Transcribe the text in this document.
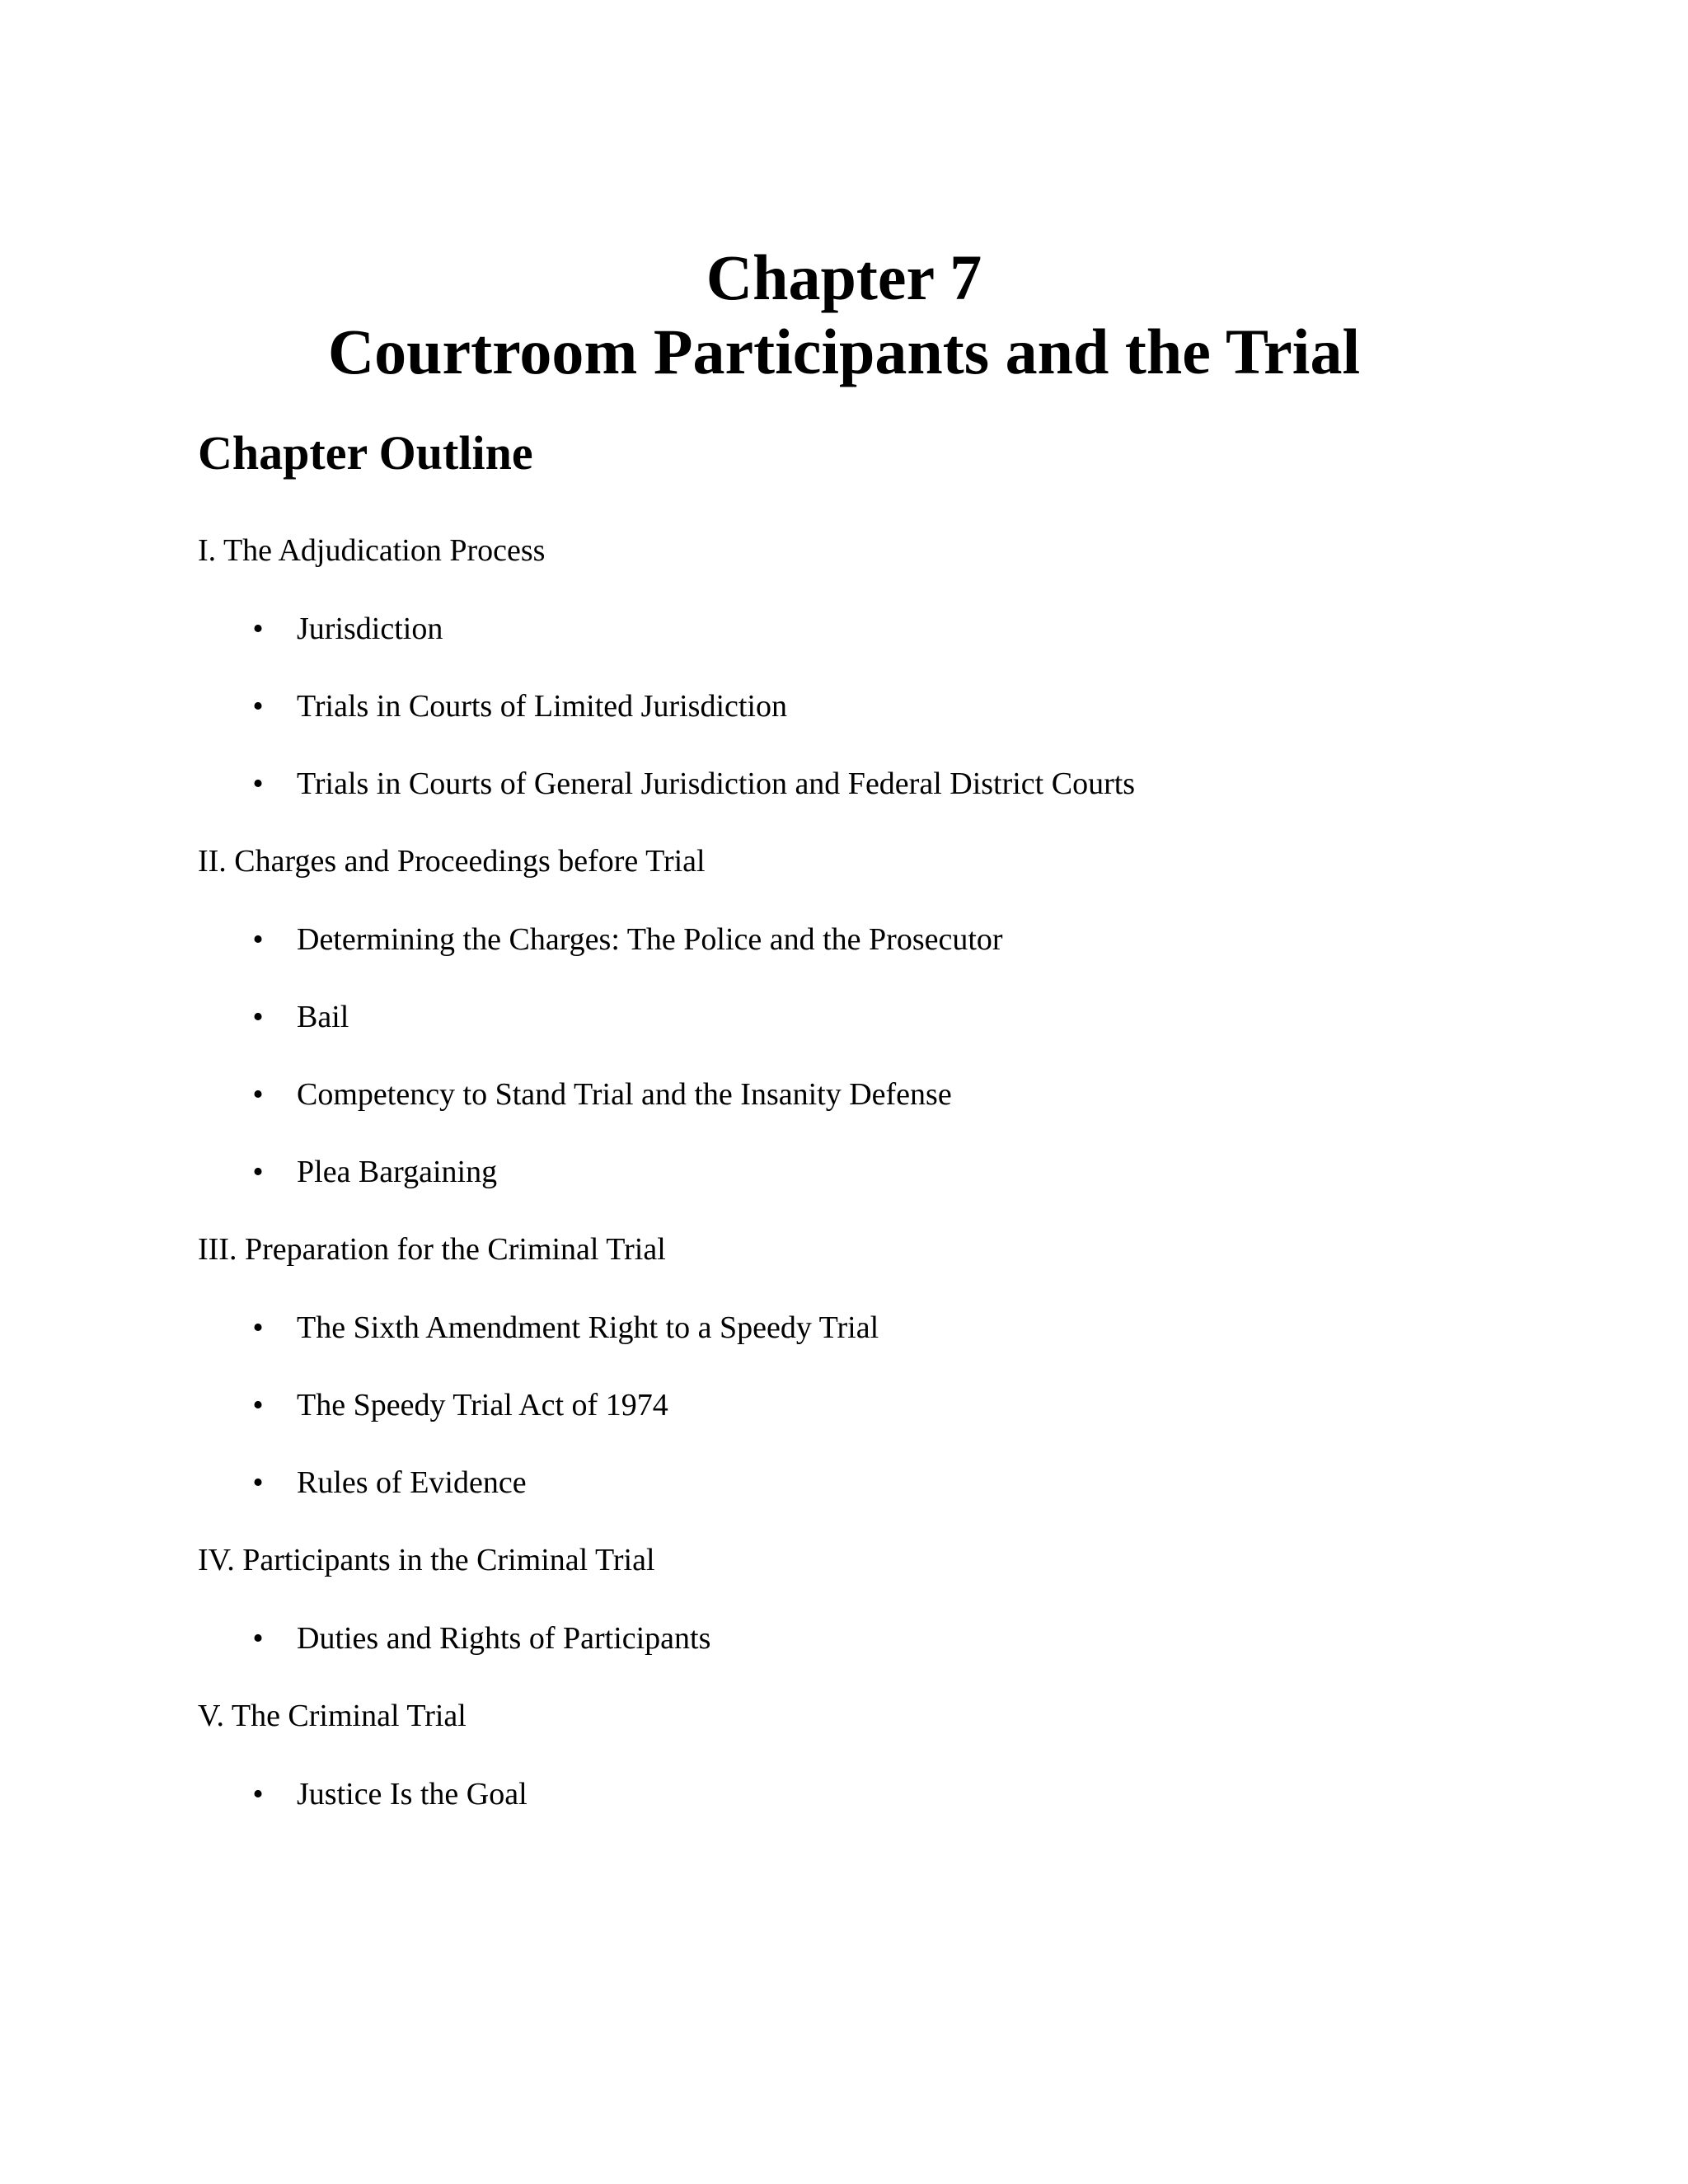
Chapter 7
Courtroom Participants and the Trial
Chapter Outline
I. The Adjudication Process
• Jurisdiction
• Trials in Courts of Limited Jurisdiction
• Trials in Courts of General Jurisdiction and Federal District Courts
II. Charges and Proceedings before Trial
• Determining the Charges: The Police and the Prosecutor
• Bail
• Competency to Stand Trial and the Insanity Defense
• Plea Bargaining
III. Preparation for the Criminal Trial
• The Sixth Amendment Right to a Speedy Trial
• The Speedy Trial Act of 1974
• Rules of Evidence
IV. Participants in the Criminal Trial
• Duties and Rights of Participants
V. The Criminal Trial
• Justice Is the Goal
